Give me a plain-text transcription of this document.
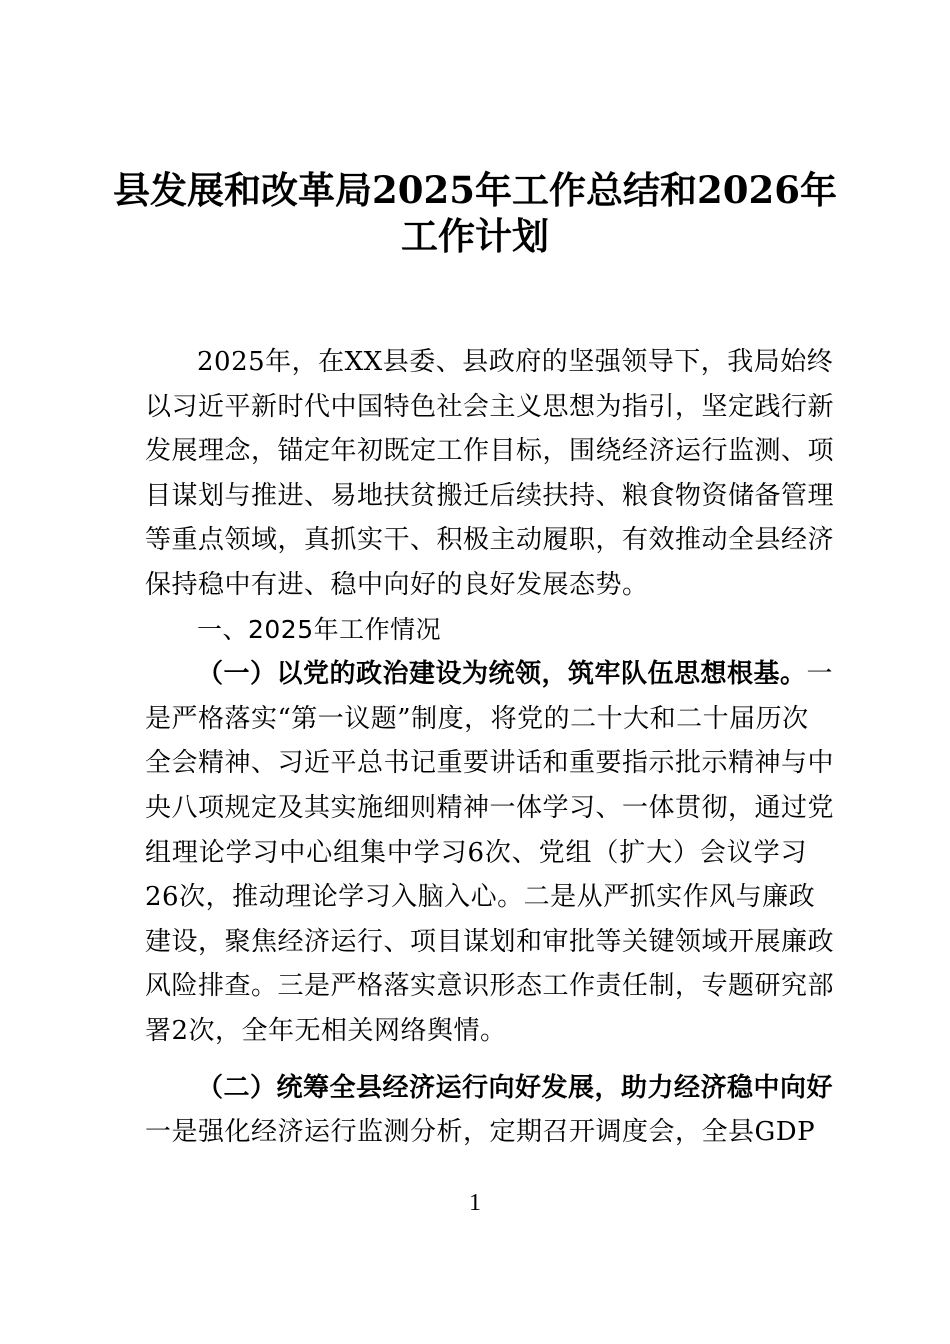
县发展和改革局2025年工作总结和2026年
工作计划
2025年，在XX县委、县政府的坚强领导下，我局始终
以习近平新时代中国特色社会主义思想为指引，坚定践行新
发展理念，锚定年初既定工作目标，围绕经济运行监测、项
目谋划与推进、易地扶贫搬迁后续扶持、粮食物资储备管理
等重点领域，真抓实干、积极主动履职，有效推动全县经济
保持稳中有进、稳中向好的良好发展态势。
一、2025年工作情况
（一）以党的政治建设为统领，筑牢队伍思想根基。一
是严格落实“第一议题”制度，将党的二十大和二十届历次
全会精神、习近平总书记重要讲话和重要指示批示精神与中
央八项规定及其实施细则精神一体学习、一体贯彻，通过党
组理论学习中心组集中学习6次、党组（扩大）会议学习
26次，推动理论学习入脑入心。二是从严抓实作风与廉政
建设，聚焦经济运行、项目谋划和审批等关键领域开展廉政
风险排查。三是严格落实意识形态工作责任制，专题研究部
署2次，全年无相关网络舆情。
（二）统筹全县经济运行向好发展，助力经济稳中向好
一是强化经济运行监测分析，定期召开调度会，全县GDP
1
